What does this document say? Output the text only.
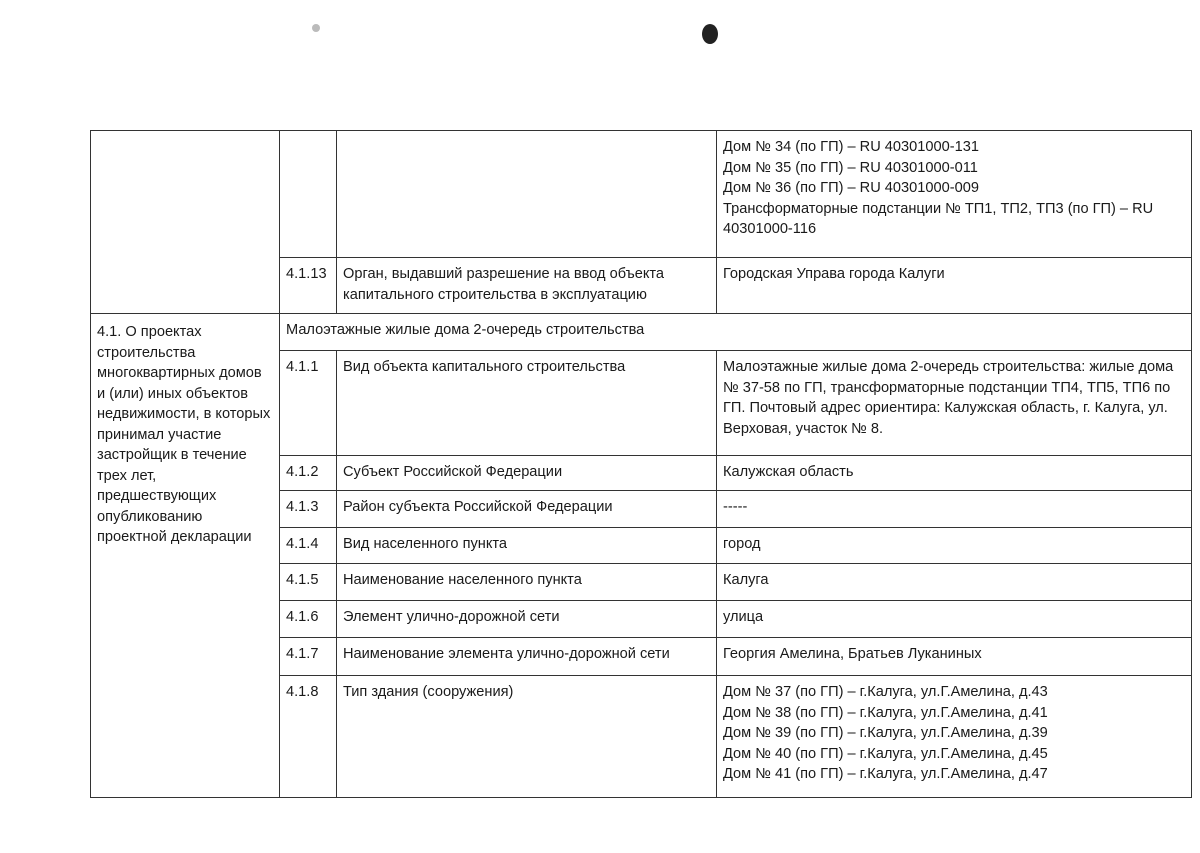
			Дом № 34 (по ГП) – RU 40301000-131
Дом № 35 (по ГП) – RU 40301000-011
Дом № 36 (по ГП) – RU 40301000-009
Трансформаторные подстанции № ТП1, ТП2, ТП3 (по ГП) – RU
40301000-116

	4.1.13	Орган, выдавший разрешение на ввод объекта капитального строительства в эксплуатацию	Городская Управа города Калуги
4.1. О проектах строительства многоквартирных домов и (или) иных объектов недвижимости, в которых принимал участие застройщик в течение трех лет, предшествующих опубликованию проектной декларации	Малоэтажные жилые дома 2-очередь строительства		
	4.1.1	Вид объекта капитального строительства	Малоэтажные жилые дома 2-очередь строительства: жилые дома № 37-58 по ГП, трансформаторные подстанции ТП4, ТП5, ТП6 по ГП. Почтовый адрес ориентира: Калужская область, г. Калуга, ул. Верховая, участок № 8.
	4.1.2	Субъект Российской Федерации	Калужская область
	4.1.3	Район субъекта Российской Федерации	-----
	4.1.4	Вид населенного пункта	город
	4.1.5	Наименование населенного пункта	Калуга
	4.1.6	Элемент улично-дорожной сети	улица
	4.1.7	Наименование элемента улично-дорожной сети	Георгия Амелина, Братьев Луканиных
	4.1.8	Тип здания (сооружения)	Дом № 37 (по ГП) – г.Калуга, ул.Г.Амелина, д.43
Дом № 38 (по ГП) – г.Калуга, ул.Г.Амелина, д.41
Дом № 39 (по ГП) – г.Калуга, ул.Г.Амелина, д.39
Дом № 40 (по ГП) – г.Калуга, ул.Г.Амелина, д.45
Дом № 41 (по ГП) – г.Калуга, ул.Г.Амелина, д.47
